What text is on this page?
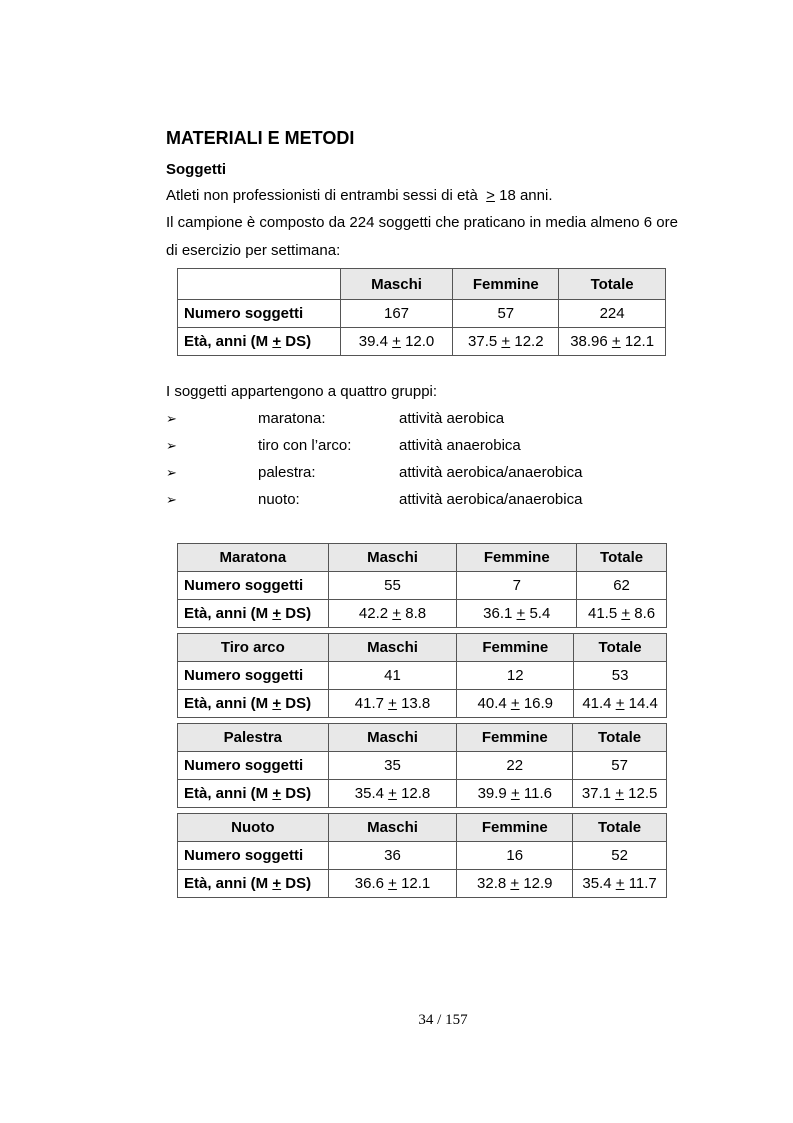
MATERIALI E METODI
Soggetti
Atleti non professionisti di entrambi sessi di età ≥ 18 anni.
Il campione è composto da 224 soggetti che praticano in media almeno 6 ore
di esercizio per settimana:
	Maschi	Femmine	Totale
Numero soggetti	167	57	224
Età, anni (M + DS)	39.4 + 12.0	37.5 + 12.2	38.96 + 12.1
I soggetti appartengono a quattro gruppi:
➢	maratona:	attività aerobica
➢	tiro con l’arco:	attività anaerobica
➢	palestra:	attività aerobica/anaerobica
➢	nuoto:	attività aerobica/anaerobica
Maratona	Maschi	Femmine	Totale
Numero soggetti	55	7	62
Età, anni (M + DS)	42.2 + 8.8	36.1 + 5.4	41.5 + 8.6
Tiro arco	Maschi	Femmine	Totale
Numero soggetti	41	12	53
Età, anni (M + DS)	41.7 + 13.8	40.4 + 16.9	41.4 + 14.4
Palestra	Maschi	Femmine	Totale
Numero soggetti	35	22	57
Età, anni (M + DS)	35.4 + 12.8	39.9 + 11.6	37.1 + 12.5
Nuoto	Maschi	Femmine	Totale
Numero soggetti	36	16	52
Età, anni (M + DS)	36.6 + 12.1	32.8 + 12.9	35.4 + 11.7
34 / 157
